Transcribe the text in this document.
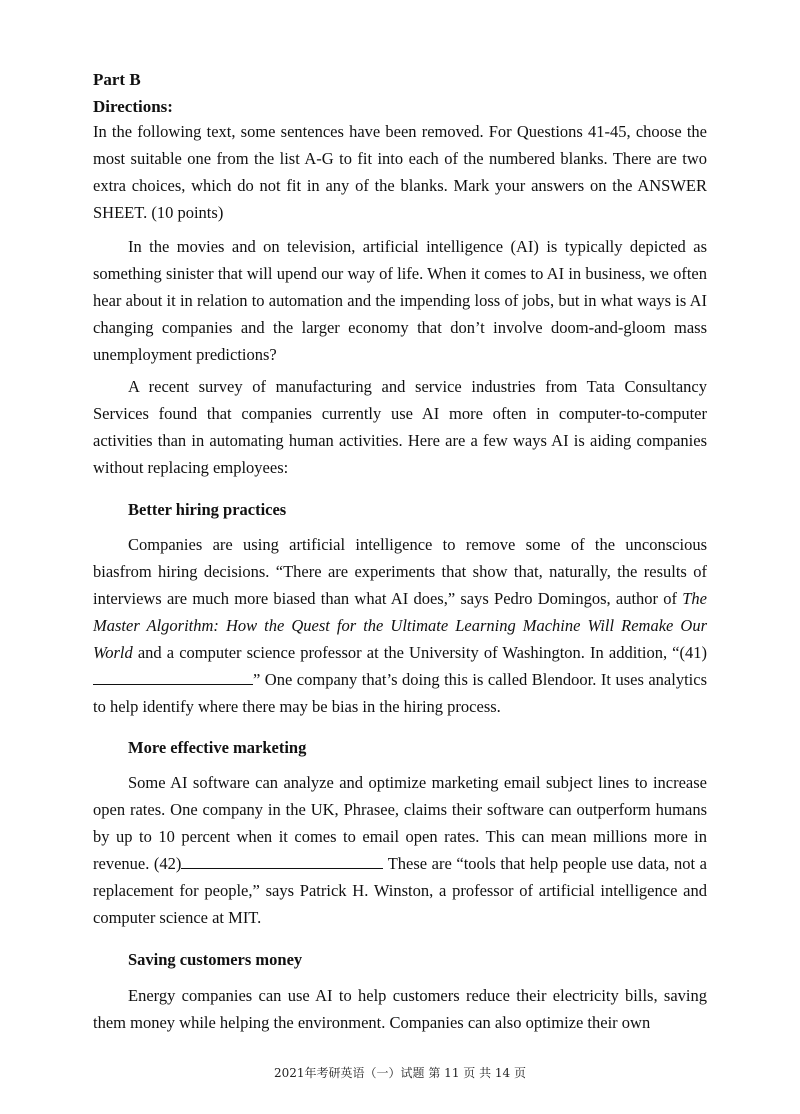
Part B
Directions:
In the following text, some sentences have been removed. For Questions 41-45, choose the most suitable one from the list A-G to fit into each of the numbered blanks. There are two extra choices, which do not fit in any of the blanks. Mark your answers on the ANSWER SHEET. (10 points)
In the movies and on television, artificial intelligence (AI) is typically depicted as something sinister that will upend our way of life. When it comes to AI in business, we often hear about it in relation to automation and the impending loss of jobs, but in what ways is AI changing companies and the larger economy that don’t involve doom-and-gloom mass unemployment predictions?
A recent survey of manufacturing and service industries from Tata Consultancy Services found that companies currently use AI more often in computer-to-computer activities than in automating human activities. Here are a few ways AI is aiding companies without replacing employees:
Better hiring practices
Companies are using artificial intelligence to remove some of the unconscious biasfrom hiring decisions. “There are experiments that show that, naturally, the results of interviews are much more biased than what AI does,” says Pedro Domingos, author of The Master Algorithm: How the Quest for the Ultimate Learning Machine Will Remake Our World and a computer science professor at the University of Washington. In addition, “(41)” One company that’s doing this is called Blendoor. It uses analytics to help identify where there may be bias in the hiring process.
More effective marketing
Some AI software can analyze and optimize marketing email subject lines to increase open rates. One company in the UK, Phrasee, claims their software can outperform humans by up to 10 percent when it comes to email open rates. This can mean millions more in revenue. (42)	These are “tools that help people use data, not a replacement for people,” says Patrick H. Winston, a professor of artificial intelligence and computer science at MIT.
Saving customers money
Energy companies can use AI to help customers reduce their electricity bills, saving them money while helping the environment. Companies can also optimize their own
2021年考研英语（一）试题 第 11 页 共 14 页
